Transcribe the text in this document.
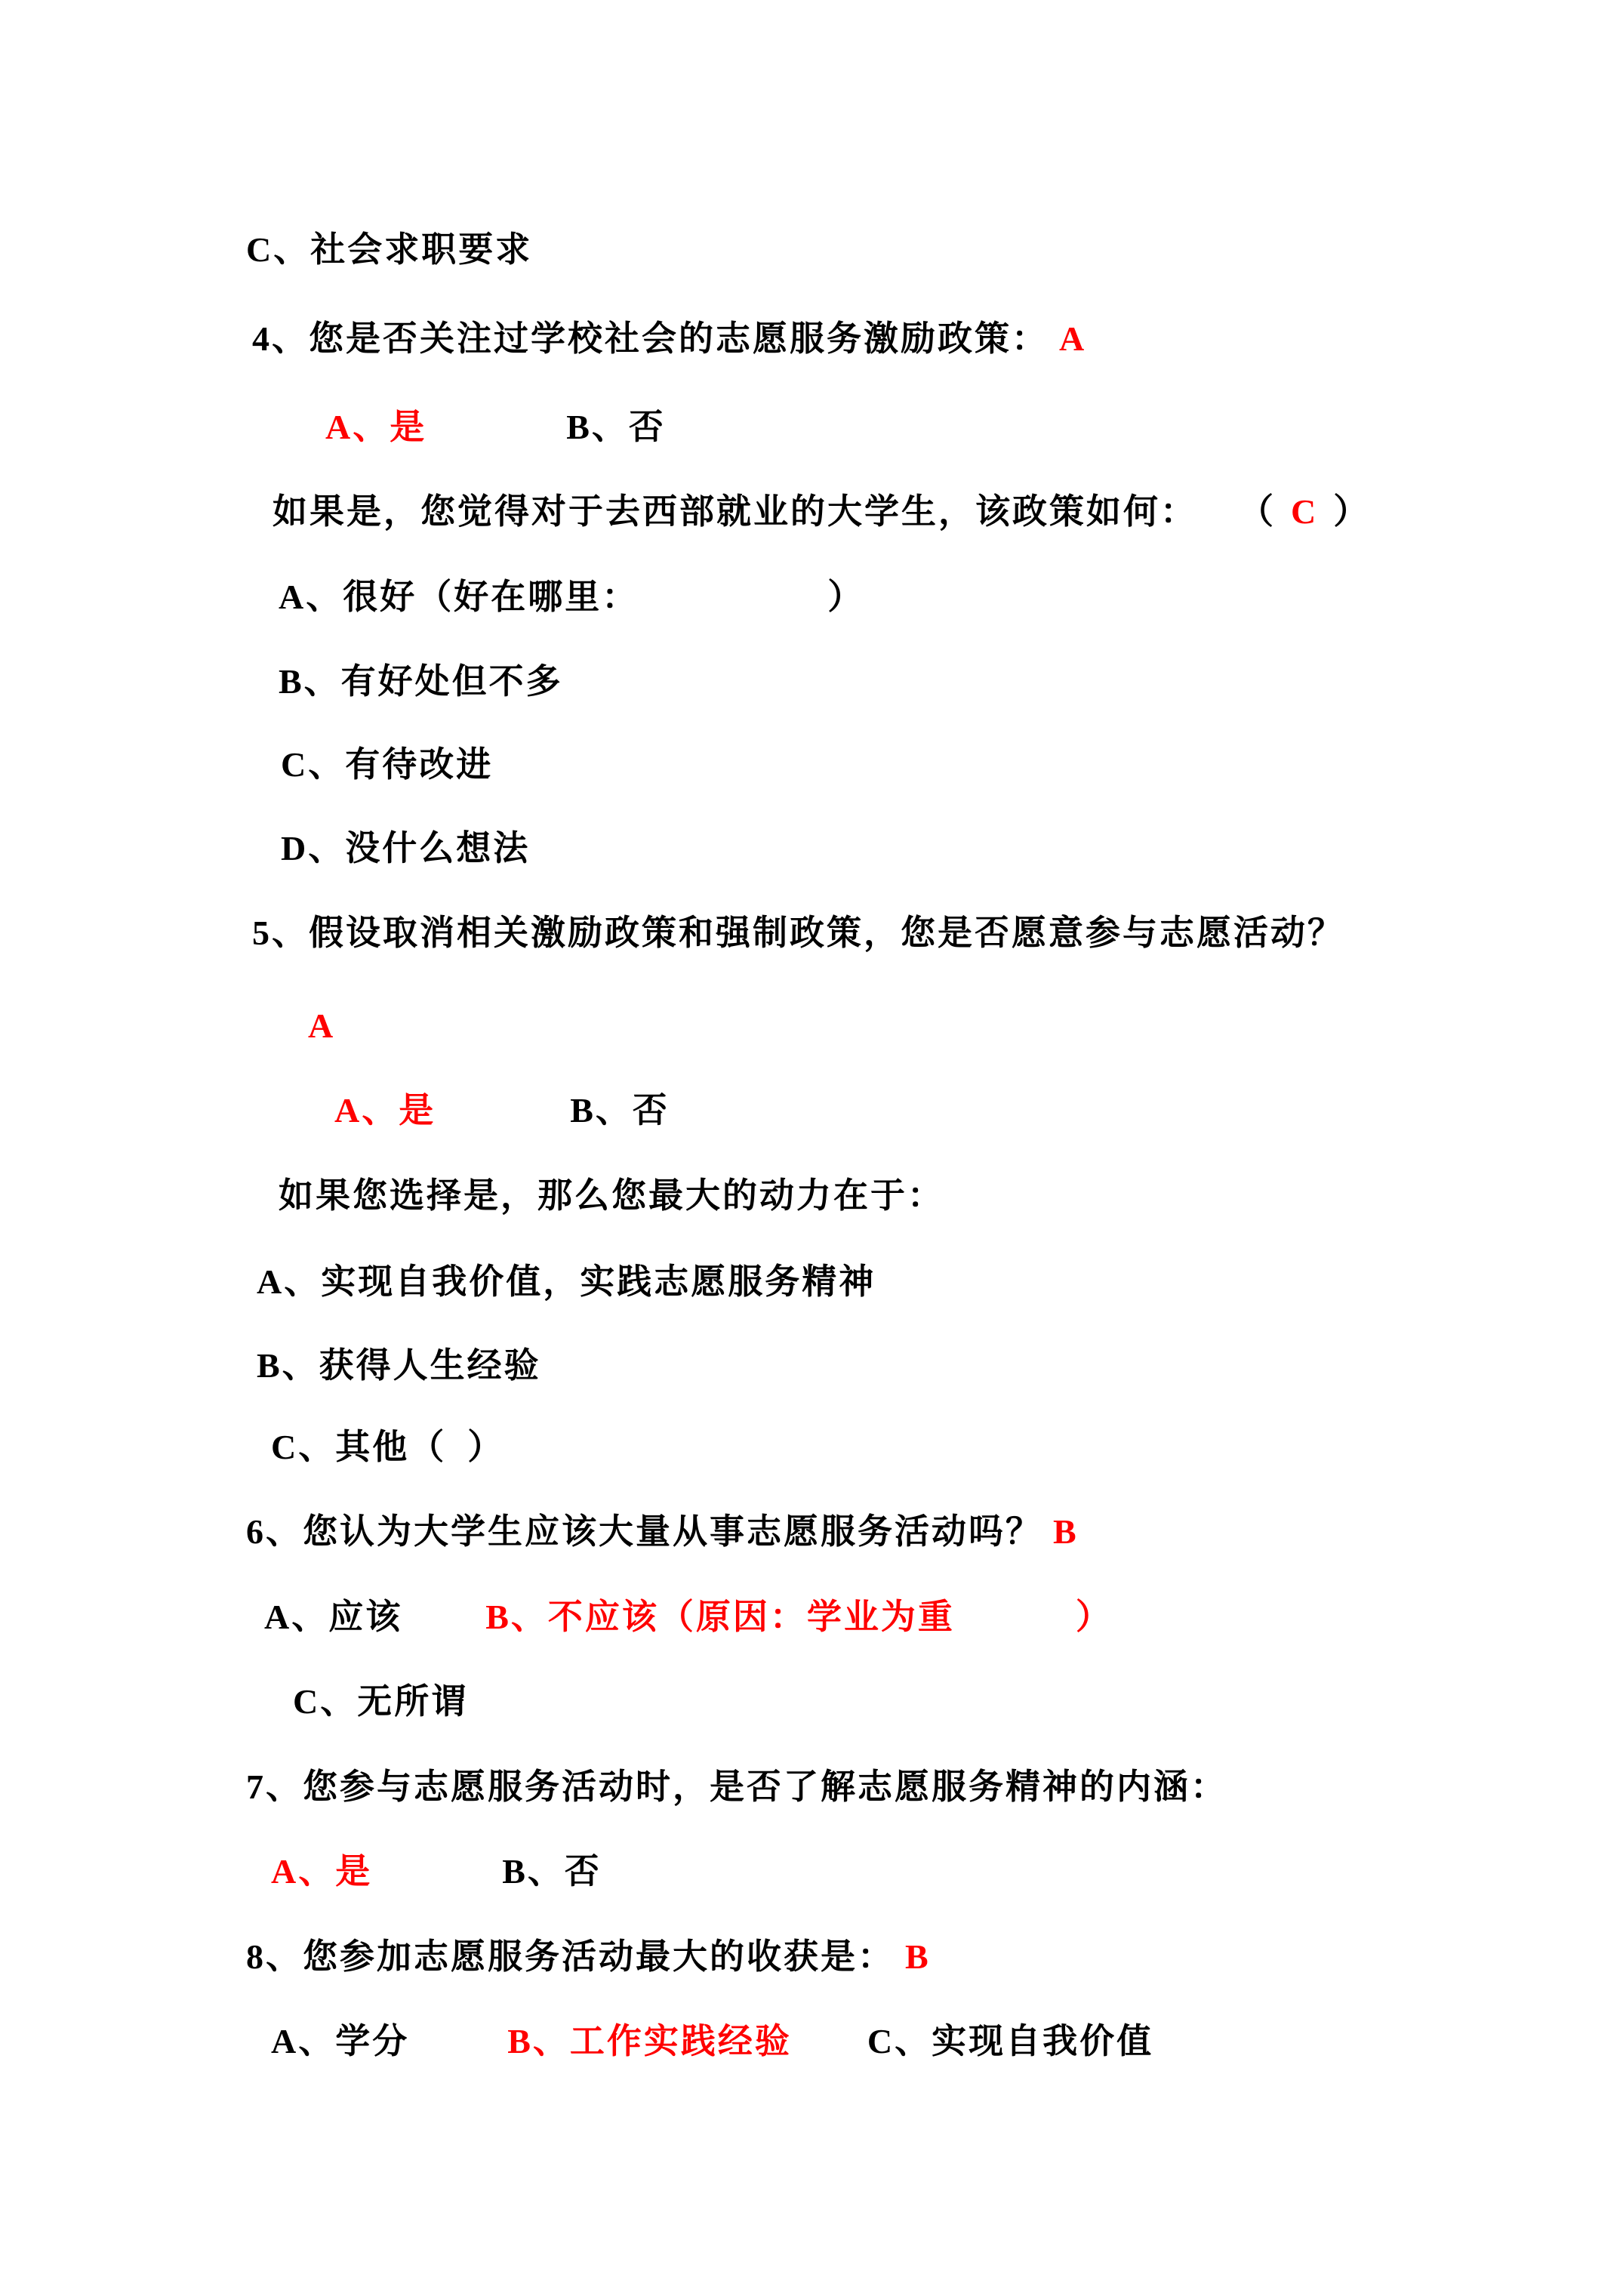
C、社会求职要求
4、您是否关注过学校社会的志愿服务激励政策： A
A、是	B、否
如果是，您觉得对于去西部就业的大学生，该政策如何： （ C ）
A、很好（好在哪里：	）
B、有好处但不多
C、有待改进
D、没什么想法
5、假设取消相关激励政策和强制政策，您是否愿意参与志愿活动？
A
A、是	B、否
如果您选择是，那么您最大的动力在于：
A、实现自我价值，实践志愿服务精神
B、获得人生经验
C、其他（ ）
6、您认为大学生应该大量从事志愿服务活动吗？ B
A、应该 B、不应该（原因：学业为重	）
C、无所谓
7、您参与志愿服务活动时，是否了解志愿服务精神的内涵：
A、是	B、否
8、您参加志愿服务活动最大的收获是： B
A、学分	B、工作实践经验 C、实现自我价值
